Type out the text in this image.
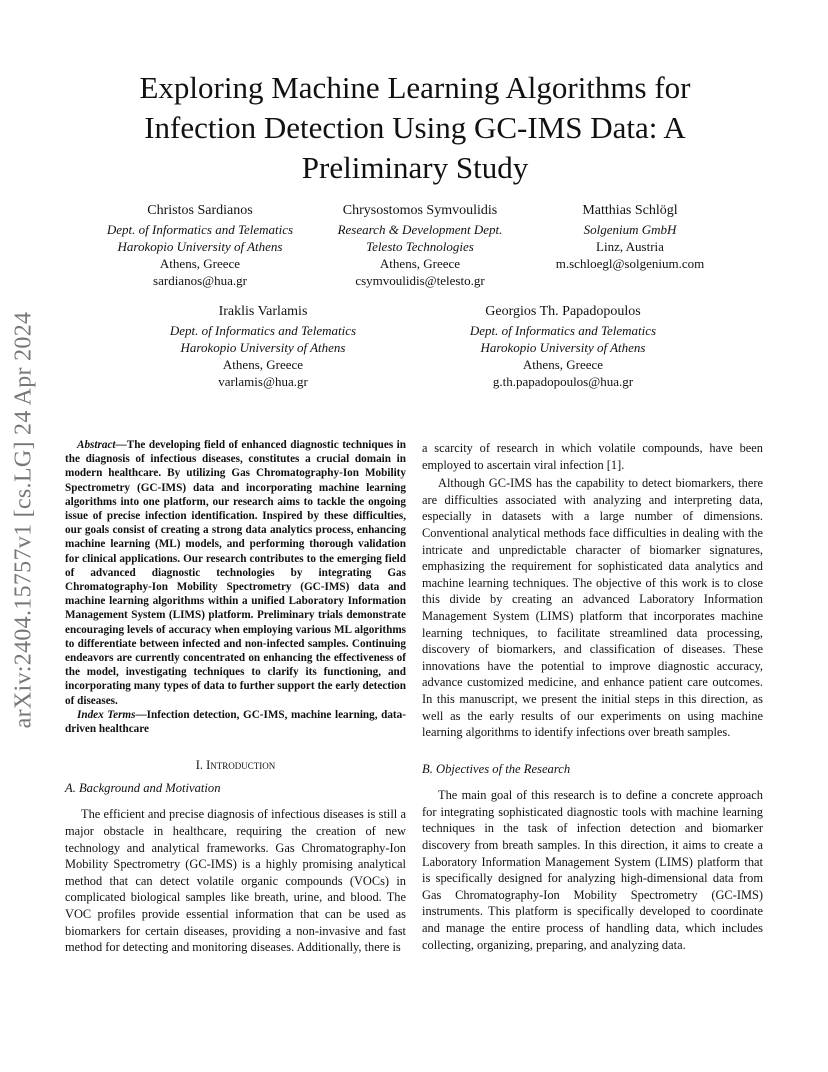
Exploring Machine Learning Algorithms for
Infection Detection Using GC-IMS Data: A
Preliminary Study
Christos Sardianos
Dept. of Informatics and Telematics
Harokopio University of Athens
Athens, Greece
sardianos@hua.gr
Chrysostomos Symvoulidis
Research & Development Dept.
Telesto Technologies
Athens, Greece
csymvoulidis@telesto.gr
Matthias Schlögl
Solgenium GmbH
Linz, Austria
m.schloegl@solgenium.com
Iraklis Varlamis
Dept. of Informatics and Telematics
Harokopio University of Athens
Athens, Greece
varlamis@hua.gr
Georgios Th. Papadopoulos
Dept. of Informatics and Telematics
Harokopio University of Athens
Athens, Greece
g.th.papadopoulos@hua.gr
arXiv:2404.15757v1 [cs.LG] 24 Apr 2024	Abstract—The developing field of enhanced diagnostic techniques in the diagnosis of infectious diseases, constitutes a crucial domain in modern healthcare. By utilizing Gas Chromatography-Ion Mobility Spectrometry (GC-IMS) data and incorporating machine learning algorithms into one platform, our research aims to tackle the ongoing issue of precise infection identification. Inspired by these difficulties, our goals consist of creating a strong data analytics process, enhancing machine learning (ML) models, and performing thorough validation for clinical applications. Our research contributes to the emerging field of advanced diagnostic technologies by integrating Gas Chromatography-Ion Mobility Spectrometry (GC-IMS) data and machine learning algorithms within a unified Laboratory Information Management System (LIMS) platform. Preliminary trials demonstrate encouraging levels of accuracy when employing various ML algorithms to differentiate between infected and non-infected samples. Continuing endeavors are currently concentrated on enhancing the effectiveness of the model, investigating techniques to clarify its functioning, and incorporating many types of data to further support the early detection of diseases.

Index Terms—Infection detection, GC-IMS, machine learning, data-driven healthcare

I. Introduction

A. Background and Motivation

The efficient and precise diagnosis of infectious diseases is still a major obstacle in healthcare, requiring the creation of new technology and analytical frameworks. Gas Chromatography-Ion Mobility Spectrometry (GC-IMS) is a highly promising analytical method that can detect volatile organic compounds (VOCs) in complicated biological samples like breath, urine, and blood. The VOC profiles provide essential information that can be used as biomarkers for certain diseases, providing a non-invasive and fast method for detecting and monitoring diseases. Additionally, there is

a scarcity of research in which volatile compounds, have been employed to ascertain viral infection [1].

Although GC-IMS has the capability to detect biomarkers, there are difficulties associated with analyzing and interpreting data, especially in datasets with a large number of dimensions. Conventional analytical methods face difficulties in dealing with the intricate and unpredictable character of biomarker signatures, emphasizing the requirement for sophisticated data analytics and machine learning techniques. The objective of this work is to close this divide by creating an advanced Laboratory Information Management System (LIMS) platform that incorporates machine learning techniques, to facilitate streamlined data processing, discovery of biomarkers, and classification of diseases. These innovations have the potential to improve diagnostic accuracy, advance customized medicine, and enhance patient care outcomes. In this manuscript, we present the initial steps in this direction, as well as the early results of our experiments on using machine learning algorithms to identify infections over breath samples.

B. Objectives of the Research

The main goal of this research is to define a concrete approach for integrating sophisticated diagnostic tools with machine learning techniques in the task of infection detection and biomarker discovery from breath samples. In this direction, it aims to create a Laboratory Information Management System (LIMS) platform that is specifically designed for analyzing high-dimensional data from Gas Chromatography-Ion Mobility Spectrometry (GC-IMS) instruments. This platform is specifically developed to coordinate and manage the entire process of handling data, which includes collecting, organizing, preparing, and analyzing data.
